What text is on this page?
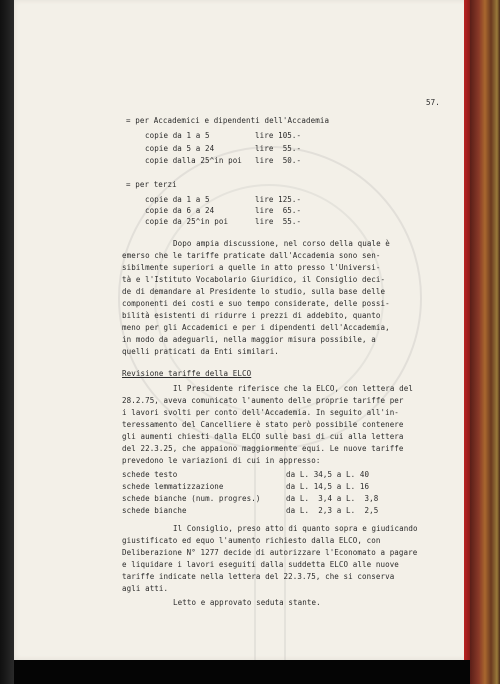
57.
= per Accademici e dipendenti dell'Accademia
copie da 1 a 5	lire 105.-
copie da 5 a 24	lire  55.-
copie dalla 25^in poi lire  50.-
= per terzi
copie da 1 a 5	lire 125.-
copie da 6 a 24	lire  65.-
copie da 25^in poi	lire  55.-
Dopo ampia discussione, nel corso della quale è
emerso che le tariffe praticate dall'Accademia sono sen-
sibilmente superiori a quelle in atto presso l'Universi-
tà e l'Istituto Vocabolario Giuridico, il Consiglio deci-
de di demandare al Presidente lo studio, sulla base delle
componenti dei costi e suo tempo considerate, delle possi-
bilità esistenti di ridurre i prezzi di addebito, quanto
meno per gli Accademici e per i dipendenti dell'Accademia,
in modo da adeguarli, nella maggior misura possibile, a
quelli praticati da Enti similari.
Revisione tariffe della ELCO
Il Presidente riferisce che la ELCO, con lettera del
28.2.75, aveva comunicato l'aumento delle proprie tariffe per
i lavori svolti per conto dell'Accademia. In seguito all'in-
teressamento del Cancelliere è stato però possibile contenere
gli aumenti chiesti dalla ELCO sulle basi di cui alla lettera
del 22.3.25, che appaiono maggiormente equi. Le nuove tariffe
prevedono le variazioni di cui in appresso:
schede testo	da L. 34,5 a L. 40
schede lemmatizzazione	da L. 14,5 a L. 16
schede bianche (num. progres.)	da L.  3,4 a L.  3,8
schede bianche	da L.  2,3 a L.  2,5
Il Consiglio, preso atto di quanto sopra e giudicando
giustificato ed equo l'aumento richiesto dalla ELCO, con
Deliberazione N° 1277 decide di autorizzare l'Economato a pagare
e liquidare i lavori eseguiti dalla suddetta ELCO alle nuove
tariffe indicate nella lettera del 22.3.75, che si conserva
agli atti.
Letto e approvato seduta stante.
